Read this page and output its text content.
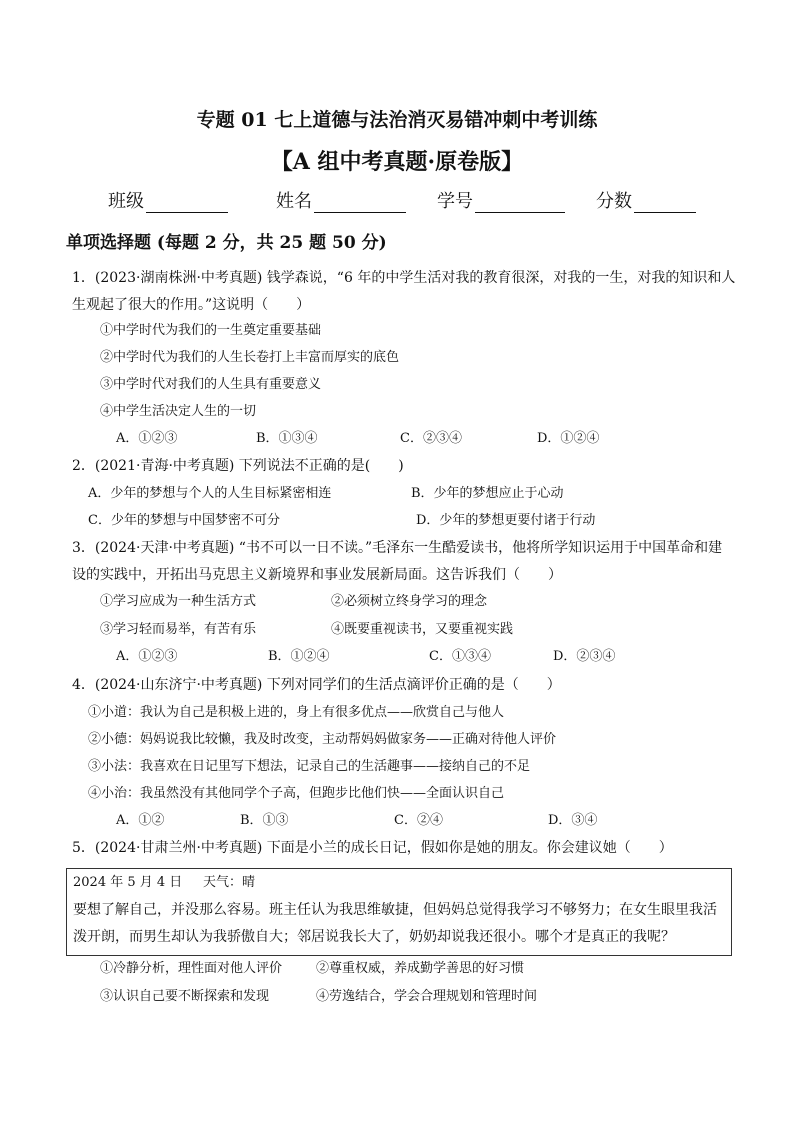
专题 01 七上道德与法治消灭易错冲刺中考训练
【A 组中考真题·原卷版】
班级	姓名	学号	分数
单项选择题 (每题 2 分，共 25 题 50 分)
1．(2023·湖南株洲·中考真题) 钱学森说，“6 年的中学生活对我的教育很深，对我的一生，对我的知识和人
生观起了很大的作用。”这说明（　　）
①中学时代为我们的一生奠定重要基础
②中学时代为我们的人生长卷打上丰富而厚实的底色
③中学时代对我们的人生具有重要意义
④中学生活决定人生的一切
A．①②③	B．①③④	C．②③④	D．①②④
2．(2021·青海·中考真题) 下列说法不正确的是(　　)
A．少年的梦想与个人的人生目标紧密相连	B．少年的梦想应止于心动
C．少年的梦想与中国梦密不可分	D．少年的梦想更要付诸于行动
3．(2024·天津·中考真题) “书不可以一日不读。”毛泽东一生酷爱读书，他将所学知识运用于中国革命和建
设的实践中，开拓出马克思主义新境界和事业发展新局面。这告诉我们（　　）
①学习应成为一种生活方式	②必须树立终身学习的理念
③学习轻而易举，有苦有乐	④既要重视读书，又要重视实践
A．①②③	B．①②④	C．①③④	D．②③④
4．(2024·山东济宁·中考真题) 下列对同学们的生活点滴评价正确的是（　　）
①小道：我认为自己是积极上进的，身上有很多优点——欣赏自己与他人
②小德：妈妈说我比较懒，我及时改变，主动帮妈妈做家务——正确对待他人评价
③小法：我喜欢在日记里写下想法，记录自己的生活趣事——接纳自己的不足
④小治：我虽然没有其他同学个子高，但跑步比他们快——全面认识自己
A．①②	B．①③	C．②④	D．③④
5．(2024·甘肃兰州·中考真题) 下面是小兰的成长日记，假如你是她的朋友。你会建议她（　　）
2024 年 5 月 4 日 天气：晴
要想了解自己，并没那么容易。班主任认为我思维敏捷，但妈妈总觉得我学习不够努力；在女生眼里我活
泼开朗，而男生却认为我骄傲自大；邻居说我长大了，奶奶却说我还很小。哪个才是真正的我呢？
①冷静分析，理性面对他人评价	②尊重权威，养成勤学善思的好习惯
③认识自己要不断探索和发现	④劳逸结合，学会合理规划和管理时间
